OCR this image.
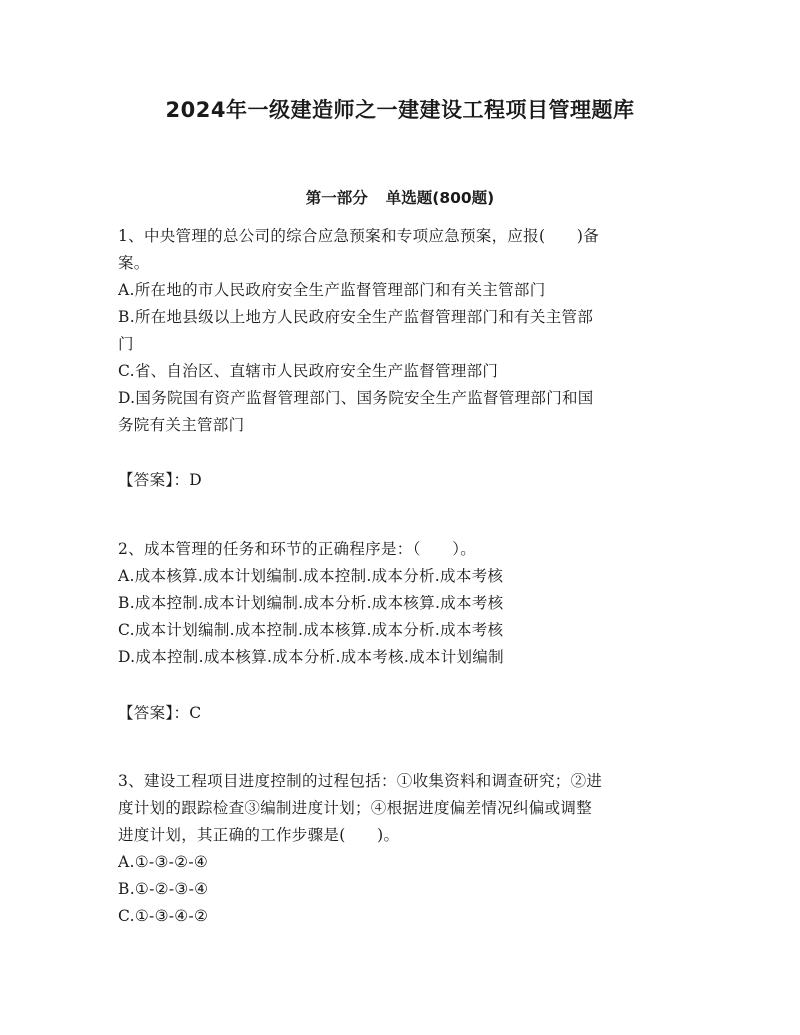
2024年一级建造师之一建建设工程项目管理题库
第一部分 单选题(800题)
1、中央管理的总公司的综合应急预案和专项应急预案，应报(　　)备
案。
A.所在地的市人民政府安全生产监督管理部门和有关主管部门
B.所在地县级以上地方人民政府安全生产监督管理部门和有关主管部
门
C.省、自治区、直辖市人民政府安全生产监督管理部门
D.国务院国有资产监督管理部门、国务院安全生产监督管理部门和国
务院有关主管部门
【答案】：D
2、成本管理的任务和环节的正确程序是：（　　）。
A.成本核算.成本计划编制.成本控制.成本分析.成本考核
B.成本控制.成本计划编制.成本分析.成本核算.成本考核
C.成本计划编制.成本控制.成本核算.成本分析.成本考核
D.成本控制.成本核算.成本分析.成本考核.成本计划编制
【答案】：C
3、建设工程项目进度控制的过程包括：①收集资料和调查研究；②进
度计划的跟踪检查③编制进度计划；④根据进度偏差情况纠偏或调整
进度计划，其正确的工作步骤是(　　)。
A.①-③-②-④
B.①-②-③-④
C.①-③-④-②
